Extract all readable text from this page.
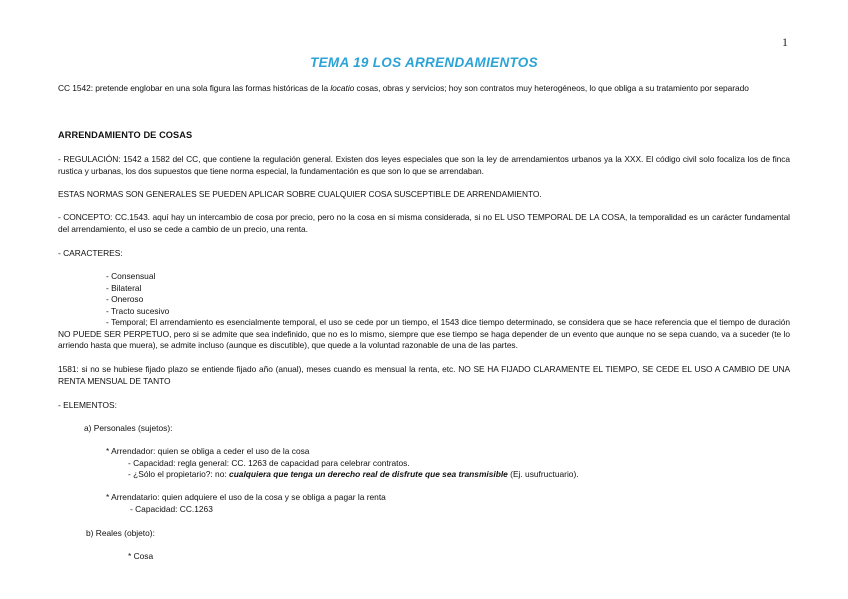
1
TEMA 19 LOS ARRENDAMIENTOS
CC 1542: pretende englobar en una sola figura las formas históricas de la locatio cosas, obras y servicios; hoy son contratos muy heterogéneos, lo que obliga a su tratamiento por separado
ARRENDAMIENTO DE COSAS
- REGULACIÓN: 1542 a 1582 del CC, que contiene la regulación general. Existen dos leyes especiales que son la ley de arrendamientos urbanos ya la XXX. El código civil solo focaliza los de finca rustica y urbanas, los dos supuestos que tiene norma especial, la fundamentación es que son lo que se arrendaban.
ESTAS NORMAS SON GENERALES SE PUEDEN APLICAR SOBRE CUALQUIER COSA SUSCEPTIBLE DE ARRENDAMIENTO.
- CONCEPTO: CC.1543. aquí hay un intercambio de cosa por precio, pero no la cosa en si misma considerada, si no EL USO TEMPORAL DE LA COSA, la temporalidad es un carácter fundamental del arrendamiento, el uso se cede a cambio de un precio, una renta.
- CARACTERES:
- Consensual
- Bilateral
- Oneroso
- Tracto sucesivo
- Temporal; El arrendamiento es esencialmente temporal, el uso se cede por un tiempo, el 1543 dice tiempo determinado, se considera que se hace referencia que el tiempo de duración NO PUEDE SER PERPETUO, pero si se admite que sea indefinido, que no es lo mismo, siempre que ese tiempo se haga depender de un evento que aunque no se sepa cuando, va a suceder (te lo arriendo hasta que muera), se admite incluso (aunque es discutible), que quede a la voluntad razonable de una de las partes.
1581: si no se hubiese fijado plazo se entiende fijado año (anual), meses cuando es mensual la renta, etc. NO SE HA FIJADO CLARAMENTE EL TIEMPO, SE CEDE EL USO A CAMBIO DE UNA RENTA MENSUAL DE TANTO
- ELEMENTOS:
a) Personales (sujetos):
* Arrendador: quien se obliga a ceder el uso de la cosa
- Capacidad: regla general: CC. 1263 de capacidad para celebrar contratos.
- ¿Sólo el propietario?: no: cualquiera que tenga un derecho real de disfrute que sea transmisible (Ej. usufructuario).
* Arrendatario: quien adquiere el uso de la cosa y se obliga a pagar la renta
- Capacidad: CC.1263
b) Reales (objeto):
* Cosa
